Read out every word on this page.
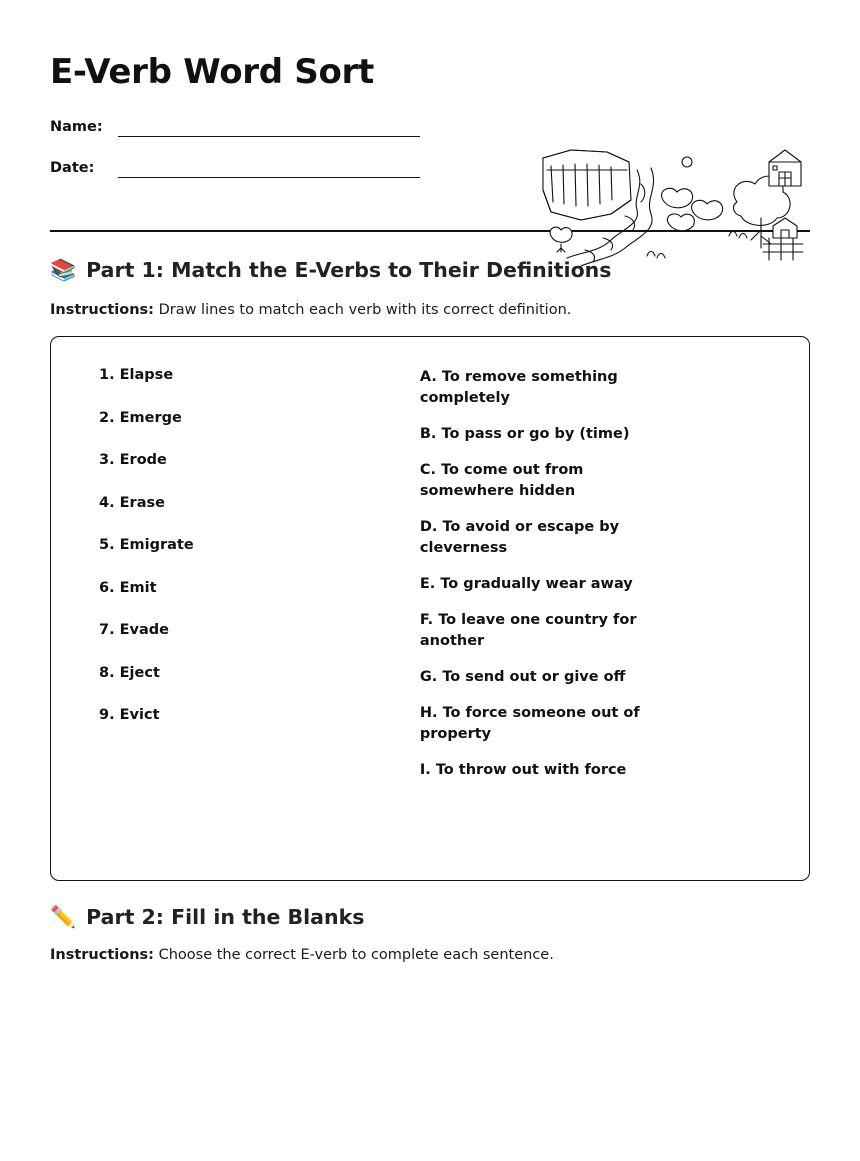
E-Verb Word Sort
Name:
Date:
📚 Part 1: Match the E-Verbs to Their Definitions

Instructions: Draw lines to match each verb with its correct definition.

1. Elapse
2. Emerge
3. Erode
4. Erase
5. Emigrate
6. Emit
7. Evade
8. Eject
9. Evict
A. To remove something completely
B. To pass or go by (time)
C. To come out from somewhere hidden
D. To avoid or escape by cleverness
E. To gradually wear away
F. To leave one country for another
G. To send out or give off
H. To force someone out of property
I. To throw out with force
✏️ Part 2: Fill in the Blanks

Instructions: Choose the correct E-verb to complete each sentence.
